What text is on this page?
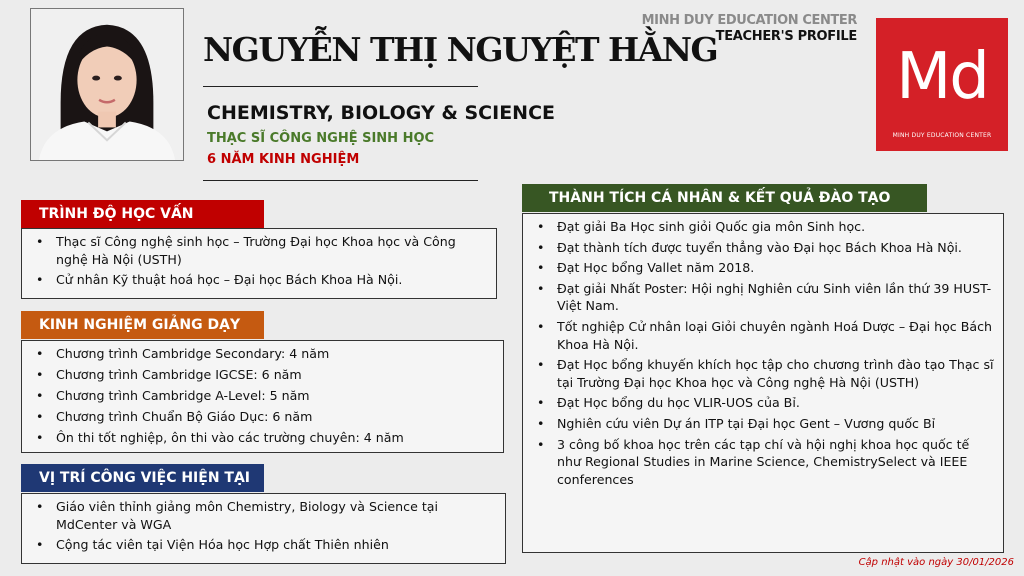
NGUYỄN THỊ NGUYỆT HẰNG
CHEMISTRY, BIOLOGY & SCIENCE
THẠC SĨ CÔNG NGHỆ SINH HỌC
6 NĂM KINH NGHIỆM
MINH DUY EDUCATION CENTER
TEACHER'S PROFILE
Md
MINH DUY EDUCATION CENTER
TRÌNH ĐỘ HỌC VẤN
• Thạc sĩ Công nghệ sinh học – Trường Đại học Khoa học và Công nghệ Hà Nội (USTH)
• Cử nhân Kỹ thuật hoá học – Đại học Bách Khoa Hà Nội.
KINH NGHIỆM GIẢNG DẠY
• Chương trình Cambridge Secondary: 4 năm
• Chương trình Cambridge IGCSE: 6 năm
• Chương trình Cambridge A-Level: 5 năm
• Chương trình Chuẩn Bộ Giáo Dục: 6 năm
• Ôn thi tốt nghiệp, ôn thi vào các trường chuyên: 4 năm
VỊ TRÍ CÔNG VIỆC HIỆN TẠI
• Giáo viên thỉnh giảng môn Chemistry, Biology và Science tại MdCenter và WGA
• Cộng tác viên tại Viện Hóa học Hợp chất Thiên nhiên
THÀNH TÍCH CÁ NHÂN & KẾT QUẢ ĐÀO TẠO
• Đạt giải Ba Học sinh giỏi Quốc gia môn Sinh học.
• Đạt thành tích được tuyển thẳng vào Đại học Bách Khoa Hà Nội.
• Đạt Học bổng Vallet năm 2018.
• Đạt giải Nhất Poster: Hội nghị Nghiên cứu Sinh viên lần thứ 39 HUST- Việt Nam.
• Tốt nghiệp Cử nhân loại Giỏi chuyên ngành Hoá Dược – Đại học Bách Khoa Hà Nội.
• Đạt Học bổng khuyến khích học tập cho chương trình đào tạo Thạc sĩ tại Trường Đại học Khoa học và Công nghệ Hà Nội (USTH)
• Đạt Học bổng du học VLIR-UOS của Bỉ.
• Nghiên cứu viên Dự án ITP tại Đại học Gent – Vương quốc Bỉ
• 3 công bố khoa học trên các tạp chí và hội nghị khoa học quốc tế như Regional Studies in Marine Science, ChemistrySelect và IEEE conferences
Cập nhật vào ngày 30/01/2026
